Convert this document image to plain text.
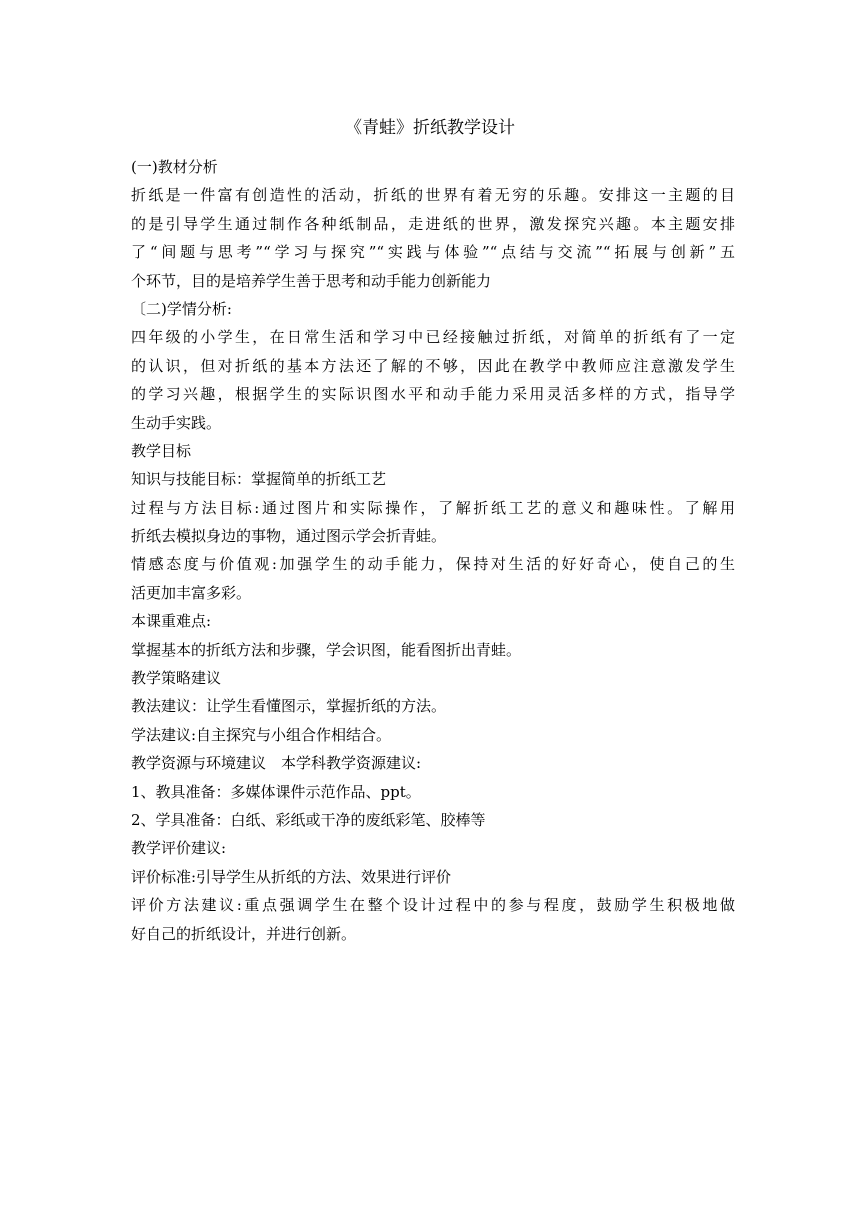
《青蛙》折纸教学设计

(一)教材分析

折纸是一件富有创造性的活动，折纸的世界有着无穷的乐趣。安排这一主题的目

的是引导学生通过制作各种纸制品，走进纸的世界，激发探究兴趣。本主题安排

了“间题与思考”“学习与探究”“实践与体验”“点结与交流”“拓展与创新”五

个环节，目的是培养学生善于思考和动手能力创新能力

〔二)学情分析:

四年级的小学生，在日常生活和学习中已经接触过折纸，对简单的折纸有了一定

的认识，但对折纸的基本方法还了解的不够，因此在教学中教师应注意激发学生

的学习兴趣，根据学生的实际识图水平和动手能力采用灵活多样的方式，指导学

生动手实践。

教学目标

知识与技能目标：掌握简单的折纸工艺

过程与方法目标:通过图片和实际操作，了解折纸工艺的意义和趣味性。了解用

折纸去模拟身边的事物，通过图示学会折青蛙。

情感态度与价值观:加强学生的动手能力，保持对生活的好好奇心，使自己的生

活更加丰富多彩。

本课重难点:

掌握基本的折纸方法和步骤，学会识图，能看图折出青蛙。

教学策略建议

教法建议：让学生看懂图示，掌握折纸的方法。

学法建议:自主探究与小组合作相结合。

教学资源与环境建议　本学科教学资源建议:

1、教具准备：多媒体课件示范作品、ppt。

2、学具准备：白纸、彩纸或干净的废纸彩笔、胶棒等

教学评价建议:

评价标准:引导学生从折纸的方法、效果进行评价

评价方法建议:重点强调学生在整个设计过程中的参与程度，鼓励学生积极地做

好自己的折纸设计，并进行创新。
